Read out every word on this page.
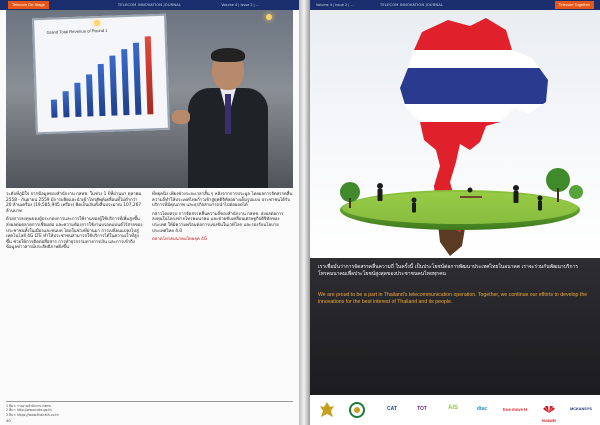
TELECOM INNOVATION JOURNAL
Telecom On Stage	Volume 4 | Issue 2 | ...
Grand Total Revenue of Round 1

ระดับที่ภูมิใจ จากข้อมูลของสำนักงาน กสทช. ในช่วง 1 ปีที่ผ่านมา ตุลาคม 2558 - กันยายน 2559 มีการผลิตและนำเข้าโทรศัพท์เคลื่อนที่ไม่ต่ำกว่า 20 ล้านเครื่อง (19,585,945 เครื่อง) คิดเป็นเงินทั้งสิ้นประมาณ 107,267 ล้านบาท

ด้วยการลงทุนของผู้ประกอบการและการใช้งานของผู้ใช้บริการที่เพิ่มสูงขึ้นส่งผลต่อตลาดการเชื่อมต่อ และความต้องการใช้งานบรอดแบนด์ไร้สายของประชาชนทั้งในเมืองและชนบท โดยในช่วงที่ผ่านมา การเปลี่ยนแปลงไปสู่เทคโนโลยี 4G LTE ทำให้ประชาชนสามารถใช้บริการได้ในความเร็วที่สูงขึ้น ช่วยให้การติดต่อสื่อสาร การทำธุรกรรมทางการเงิน และการเข้าถึงข้อมูลข่าวสารมีประสิทธิภาพยิ่งขึ้น

ที่หยุดนิ่ง เพียงช่วงระยะเวลาสั้น ๆ หลังจากการประมูล โดยผลการจัดสรรคลื่นความถี่ทำให้ประเทศไทยก้าวเข้าสู่ยุคดิจิทัลอย่างเต็มรูปแบบ ประชาชนได้รับบริการที่มีคุณภาพ และธุรกิจสามารถนำไปต่อยอดได้

กล่าวโดยสรุป การจัดสรรคลื่นความถี่ของสำนักงาน กสทช. ส่งผลต่อการลงทุนในโครงข่ายโทรคมนาคม และช่วยขับเคลื่อนเศรษฐกิจดิจิทัลของประเทศ ให้มีความพร้อมต่อการแข่งขันในเวทีโลก และรองรับนโยบายประเทศไทย 4.0

ตลาดโทรคมนาคมไทยยุค 4G

1 ที่มา: รายงานสำนักงาน กสทช.
2 ที่มา: http://www.nbtc.go.th
3 ที่มา: https://www.thairath.co.th
40
TELECOM INNOVATION JOURNAL
Volume 4 | Issue 2 | ...	Telecom Together
เราเชื่อมั่นว่าการจัดสรรคลื่นความถี่ ในครั้งนี้ เป็นประโยชน์ต่อการพัฒนาประเทศไทยในอนาคต เราจะร่วมกันพัฒนาบริการโทรคมนาคมเพื่อประโยชน์สูงสุดของประชาชนคนไทยทุกคน
We are proud to be a part in Thailand's telecommunication operation. Together, we continue our efforts to develop the innovations for the best interest of Thailand and its people.
CAT	TOT	AIS	dtac	true move H
HUAWEI
MCKANSYS
